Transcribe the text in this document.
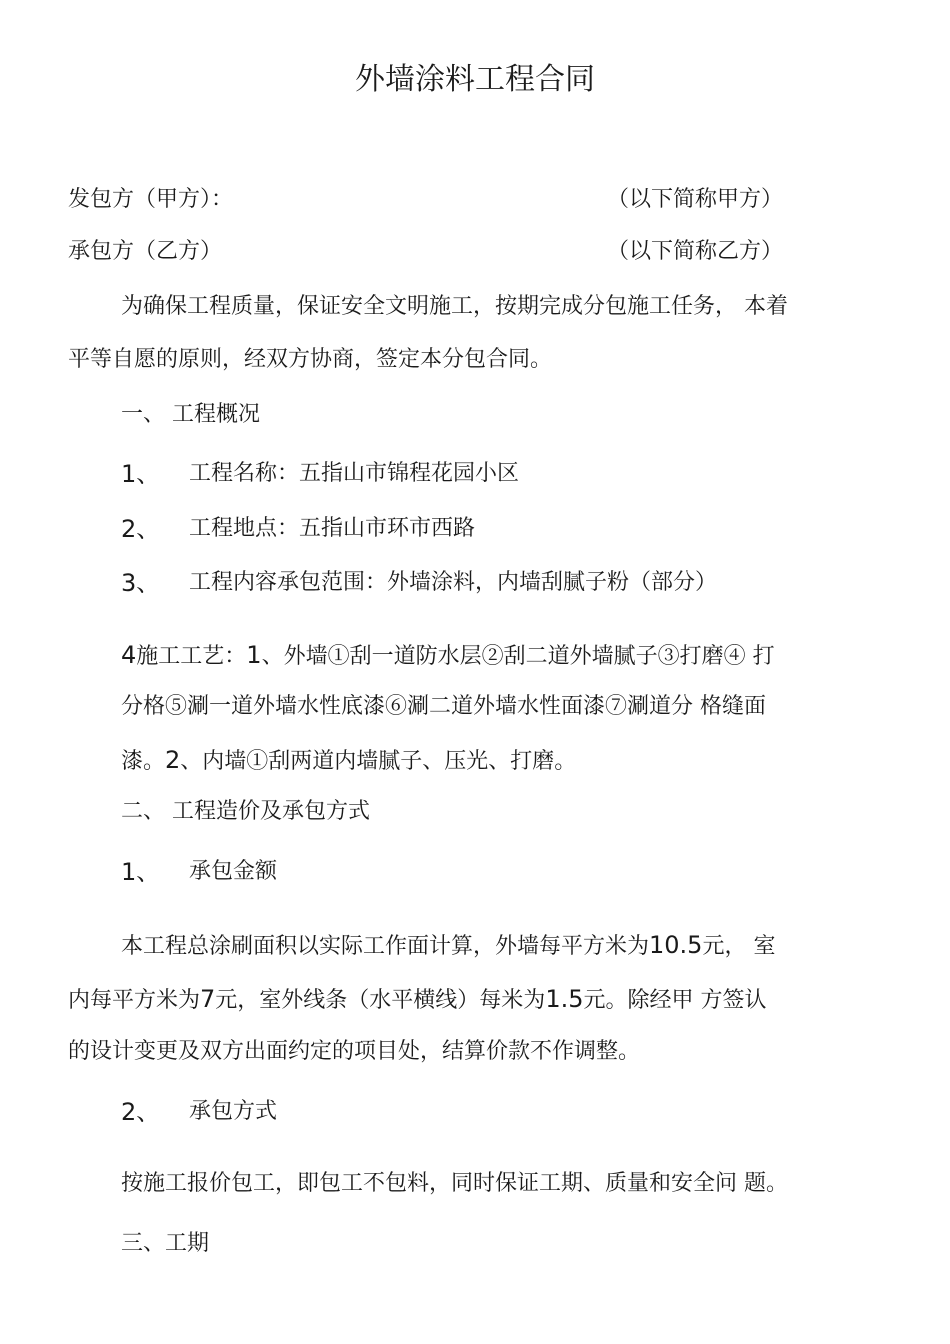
外墙涂料工程合同
发包方（甲方）：	（以下简称甲方）
承包方（乙方）	（以下简称乙方）
为确保工程质量，保证安全文明施工，按期完成分包施工任务， 本着
平等自愿的原则，经双方协商，签定本分包合同。
一、 工程概况
1、 工程名称：五指山市锦程花园小区
2、 工程地点：五指山市环市西路
3、 工程内容承包范围：外墙涂料，内墙刮腻子粉（部分）
4施工工艺：1、外墙①刮一道防水层②刮二道外墙腻子③打磨④ 打
分格⑤涮一道外墙水性底漆⑥涮二道外墙水性面漆⑦涮道分 格缝面
漆。2、内墙①刮两道内墙腻子、压光、打磨。
二、 工程造价及承包方式
1、 承包金额
本工程总涂刷面积以实际工作面计算，外墙每平方米为10.5元， 室
内每平方米为7元，室外线条（水平横线）每米为1.5元。除经甲 方签认
的设计变更及双方出面约定的项目处，结算价款不作调整。
2、 承包方式
按施工报价包工，即包工不包料，同时保证工期、质量和安全问 题。
三、工期
